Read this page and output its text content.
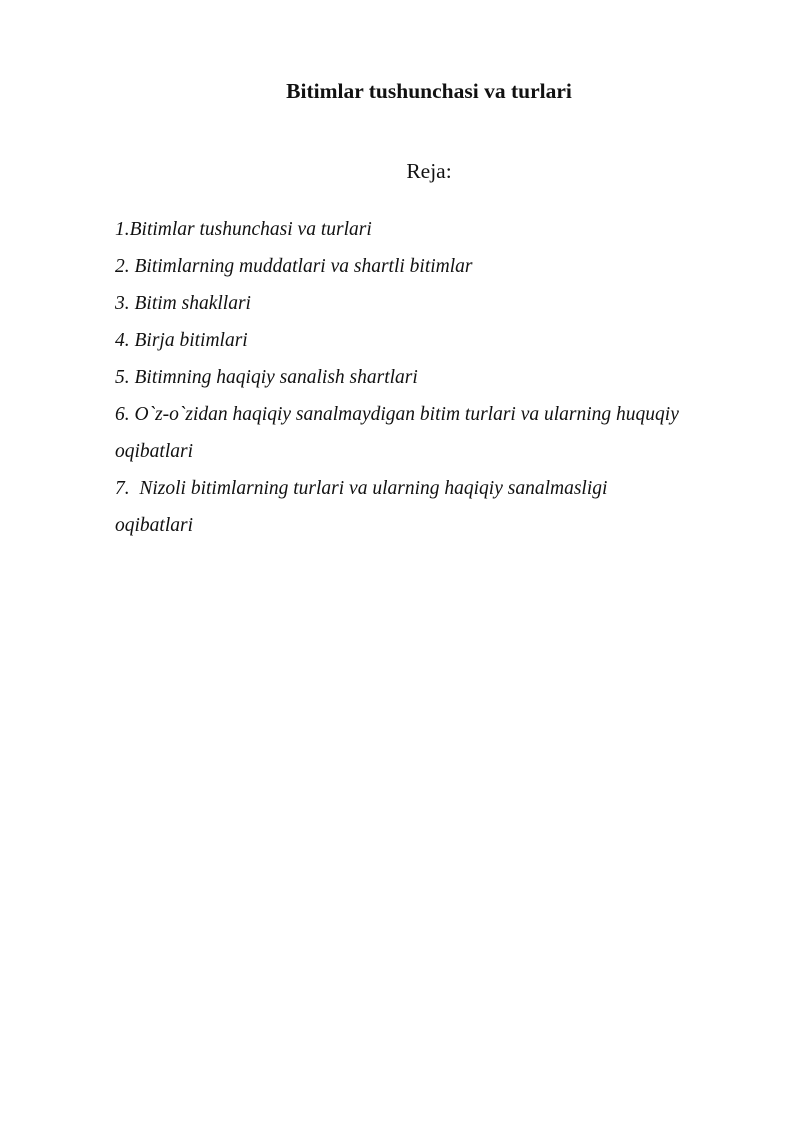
Bitimlar tushunchasi va turlari
Reja:
1.Bitimlar tushunchasi va turlari
2. Bitimlarning muddatlari va shartli bitimlar
3. Bitim shakllari
4. Birja bitimlari
5. Bitimning haqiqiy sanalish shartlari
6. O`z-o`zidan haqiqiy sanalmaydigan bitim turlari va ularning huquqiy oqibatlari
7.  Nizoli bitimlarning turlari va ularning haqiqiy sanalmasligi
oqibatlari
